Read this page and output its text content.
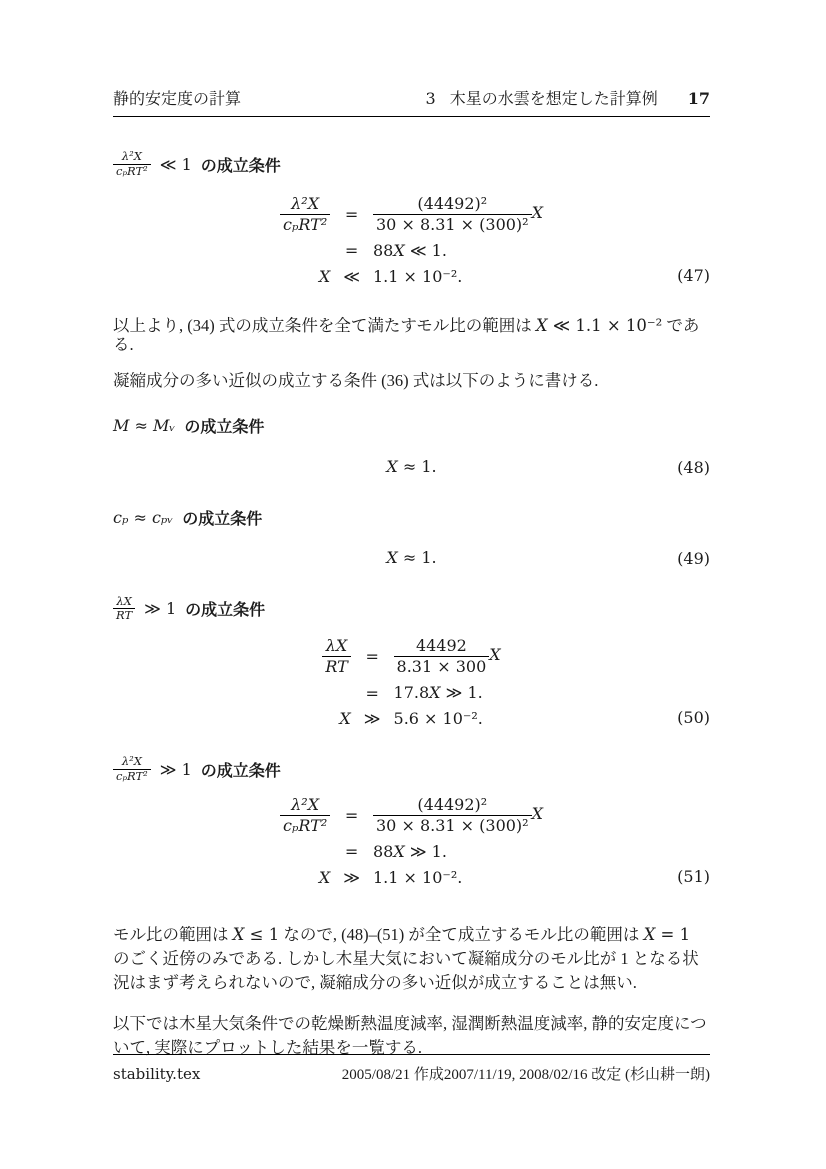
静的安定度の計算	3 木星の水雲を想定した計算例 17
$\frac{\text{λ²X}}{\text{cₚRT²}}$ ≪ 1 の成立条件
$\frac{\text{λ²X}}{\text{cₚRT²}}$	=	$\frac{\text{(44492)²}}{\text{30 × 8.31 × (300)²}}$ X
	=	88X ≪ 1.
X	≪	1.1 × 10⁻².	(47)

以上より, (34) 式の成立条件を全て満たすモル比の範囲は X ≪ 1.1 × 10⁻² である.
凝縮成分の多い近似の成立する条件 (36) 式は以下のように書ける.

M ≈ Mᵥ の成立条件
X ≈ 1.	(48)
cₚ ≈ cₚᵥ の成立条件
X ≈ 1.	(49)
$\frac{\lambda X}{RT}$ ≫ 1 の成立条件
$\frac{\lambda X}{RT}$	=	$\frac{44492}{8.31 \times 300}$ X
	=	17.8X ≫ 1.
X	≫	5.6 × 10⁻².	(50)
$\frac{\text{λ²X}}{\text{cₚRT²}}$ ≫ 1 の成立条件
$\frac{\text{λ²X}}{\text{cₚRT²}}$	=	$\frac{\text{(44492)²}}{\text{30 × 8.31 × (300)²}}$ X
	=	88X ≫ 1.
X	≫	1.1 × 10⁻².	(51)

モル比の範囲は X ≤ 1 なので, (48)–(51) が全て成立するモル比の範囲は X = 1
のごく近傍のみである. しかし木星大気において凝縮成分のモル比が 1 となる状
況はまず考えられないので, 凝縮成分の多い近似が成立することは無い.

以下では木星大気条件での乾燥断熱温度減率, 湿潤断熱温度減率, 静的安定度につ
いて, 実際にプロットした結果を一覧する.

stability.tex	2005/08/21 作成2007/11/19, 2008/02/16 改定 (杉山耕一朗)
